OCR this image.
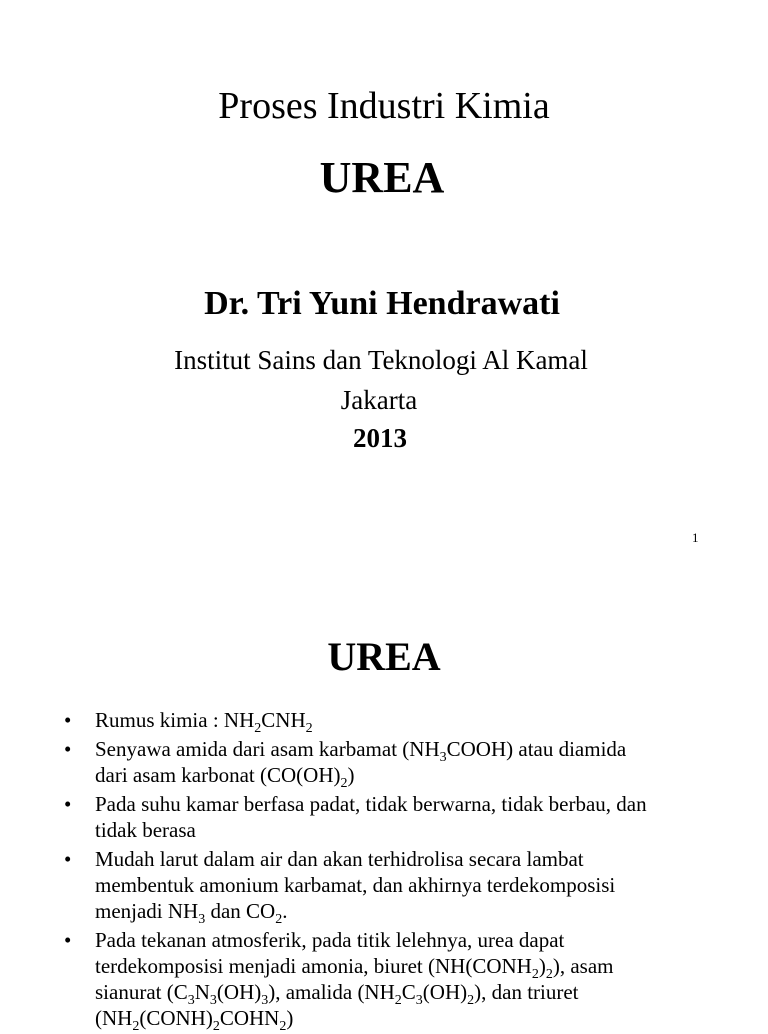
Proses Industri Kimia
UREA
Dr. Tri Yuni Hendrawati
Institut Sains dan Teknologi Al Kamal
Jakarta
2013
1
UREA
• Rumus kimia : $NH_2CNH_2$
• Senyawa amida dari asam karbamat $(NH_3COOH)$ atau diamida
dari asam karbonat $(CO(OH)_2)$
• Pada suhu kamar berfasa padat, tidak berwarna, tidak berbau, dan
tidak berasa
• Mudah larut dalam air dan akan terhidrolisa secara lambat
membentuk amonium karbamat, dan akhirnya terdekomposisi
menjadi $NH_3$ dan $CO_2$.
• Pada tekanan atmosferik, pada titik lelehnya, urea dapat
terdekomposisi menjadi amonia, biuret $(NH(CONH_2)_2)$, asam
sianurat $(C_3N_3(OH)_3)$, amalida $(NH_2C_3(OH)_2)$, dan triuret
$(NH_2(CONH)_2COHN_2)$
